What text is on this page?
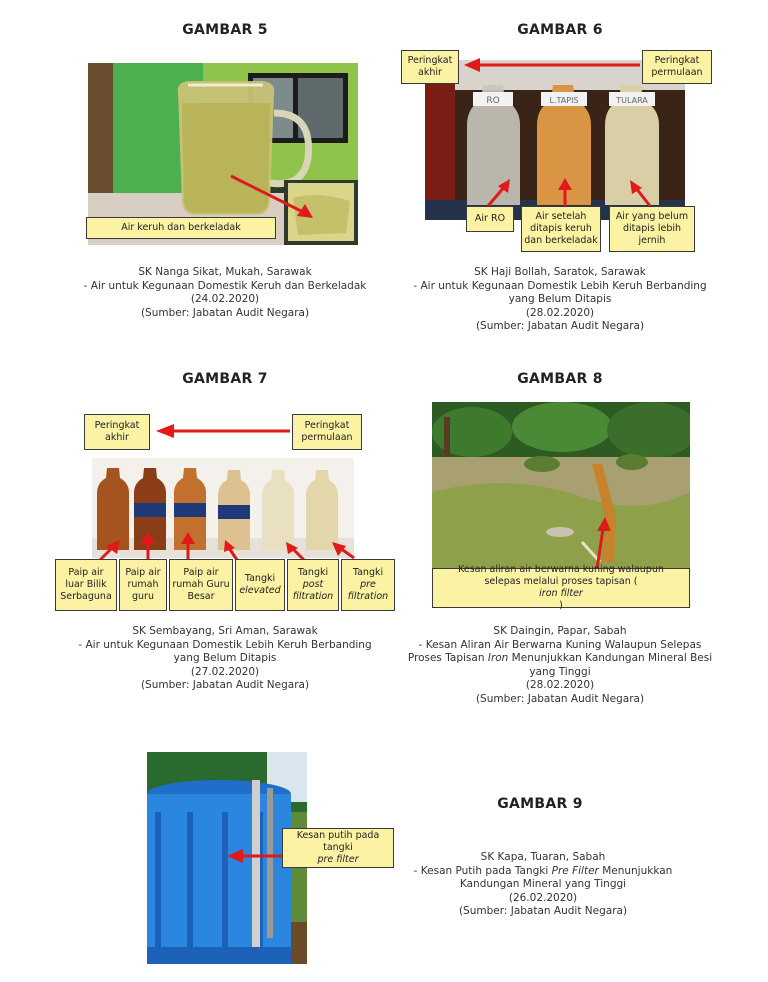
GAMBAR 5
Air keruh dan berkeladak
SK Nanga Sikat, Mukah, Sarawak
- Air untuk Kegunaan Domestik Keruh dan Berkeladak
(24.02.2020)
(Sumber: Jabatan Audit Negara)
GAMBAR 6
RO	L.TAPIS	TULARA
Peringkat
akhir
Peringkat
permulaan
Air RO	Air setelah
ditapis keruh
dan berkeladak
Air yang belum
ditapis lebih
jernih
SK Haji Bollah, Saratok, Sarawak
- Air untuk Kegunaan Domestik Lebih Keruh Berbanding
yang Belum Ditapis
(28.02.2020)
(Sumber: Jabatan Audit Negara)
GAMBAR 7
Peringkat
akhir
Peringkat
permulaan
Paip air
luar Bilik
Serbaguna
Paip air
rumah
guru
Paip air
rumah Guru
Besar
Tangki
elevated
Tangki
post
filtration
Tangki
pre
filtration
SK Sembayang, Sri Aman, Sarawak
- Air untuk Kegunaan Domestik Lebih Keruh Berbanding
yang Belum Ditapis
(27.02.2020)
(Sumber: Jabatan Audit Negara)
GAMBAR 8
Kesan aliran air berwarna kuning walaupun
selepas melalui proses tapisan (
iron filter
)
SK Daingin, Papar, Sabah
- Kesan Aliran Air Berwarna Kuning Walaupun Selepas
Proses Tapisan Iron Menunjukkan Kandungan Mineral Besi
yang Tinggi
(28.02.2020)
(Sumber: Jabatan Audit Negara)
Kesan putih pada
tangki
pre filter
GAMBAR 9
SK Kapa, Tuaran, Sabah
- Kesan Putih pada Tangki Pre Filter Menunjukkan
Kandungan Mineral yang Tinggi
(26.02.2020)
(Sumber: Jabatan Audit Negara)
